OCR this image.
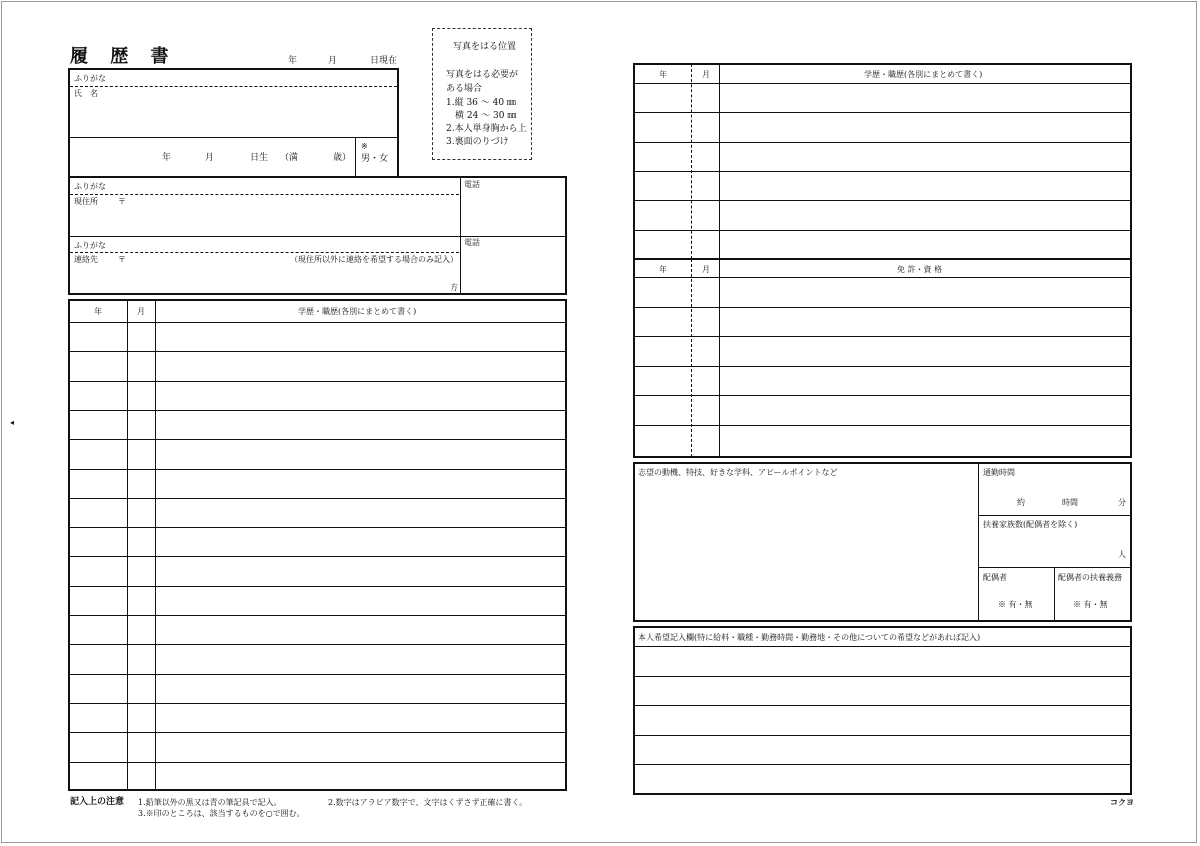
履 歴 書	年	月	日現在
写真をはる位置
写真をはる必要が
ある場合
1.縦 36 ～ 40 ㎜
　横 24 ～ 30 ㎜
2.本人単身胸から上
3.裏面のりづけ
ふりがな
氏　名
年	月	日生 （満	歳）
※
男・女
ふりがな
現住所	〒
電話
ふりがな
連絡先	〒	（現住所以外に連絡を希望する場合のみ記入）
方
電話
年	月	学歴・職歴(各別にまとめて書く)
記入上の注意 1.鉛筆以外の黒又は青の筆記具で記入。	2.数字はアラビア数字で、文字はくずさず正確に書く。
3.※印のところは、該当するものを○で囲む。
◂
年	月	学歴・職歴(各別にまとめて書く)
年	月	免 許・資 格
志望の動機、特技、好きな学科、アピールポイントなど	通勤時間
約	時間	分
扶養家族数(配偶者を除く)
人
配偶者
※ 有・無
配偶者の扶養義務
※ 有・無
本人希望記入欄(特に給料・職種・勤務時間・勤務地・その他についての希望などがあれば記入)
コクヨ
